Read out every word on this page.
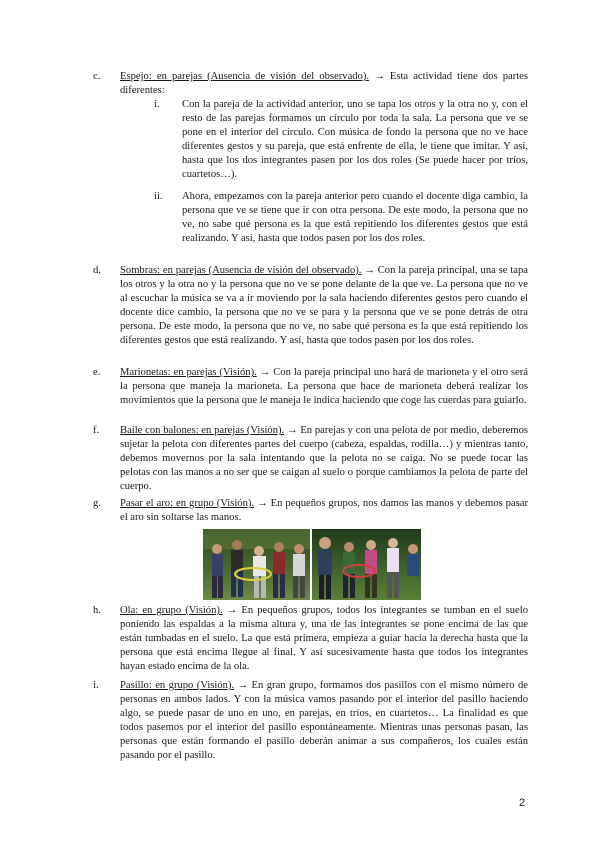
c. Espejo: en parejas (Ausencia de visión del observado). → Esta actividad tiene dos partes diferentes:
i. Con la pareja de la actividad anterior, uno se tapa los otros y la otra no y, con el resto de las parejas formamos un círculo por toda la sala. La persona que ve se pone en el interior del círculo. Con música de fondo la persona que no ve hace diferentes gestos y su pareja, que está enfrente de ella, le tiene que imitar. Y así, hasta que los dos integrantes pasen por los dos roles (Se puede hacer por tríos, cuartetos…).
ii. Ahora, empezamos con la pareja anterior pero cuando el docente diga cambio, la persona que ve se tiene que ir con otra persona. De este modo, la persona que no ve, no sabe qué persona es la que está repitiendo los diferentes gestos que está realizando. Y así, hasta que todos pasen por los dos roles.
d. Sombras: en parejas (Ausencia de visión del observado). → Con la pareja principal, una se tapa los otros y la otra no y la persona que no ve se pone delante de la que ve. La persona que no ve al escuchar la música se va a ir moviendo por la sala haciendo diferentes gestos pero cuando el docente dice cambio, la persona que no ve se para y la persona que ve se pone detrás de otra persona. De este modo, la persona que no ve, no sabe qué persona es la que está repitiendo los diferentes gestos que está realizando. Y así, hasta que todos pasen por los dos roles.
e. Marionetas: en parejas (Visión). → Con la pareja principal uno hará de marioneta y el otro será la persona que maneja la marioneta. La persona que hace de marioneta deberá realizar los movimientos que la persona que le maneja le indica haciendo que coge las cuerdas para guiarlo.
f. Baile con balones: en parejas (Visión). → En parejas y con una pelota de por medio, deberemos sujetar la pelota con diferentes partes del cuerpo (cabeza, espaldas, rodilla…) y mientras tanto, debemos movernos por la sala intentando que la pelota no se caiga. No se puede tocar las pelotas con las manos a no ser que se caigan al suelo o porque cambiamos la pelota de parte del cuerpo.
g. Pasar el aro: en grupo (Visión). → En pequeños grupos, nos damos las manos y debemos pasar el aro sin soltarse las manos.
h. Ola: en grupo (Visión). → En pequeños grupos, todos los integrantes se tumban en el suelo poniendo las espaldas a la misma altura y, una de las integrantes se pone encima de las que están tumbadas en el suelo. La que está primera, empieza a guiar hacia la derecha hasta que la persona que está encima llegue al final. Y así sucesivamente hasta que todos los integrantes hayan estado encima de la ola.
i. Pasillo: en grupo (Visión). → En gran grupo, formamos dos pasillos con el mismo número de personas en ambos lados. Y con la música vamos pasando por el interior del pasillo haciendo algo, se puede pasar de uno en uno, en parejas, en tríos, en cuartetos… La finalidad es que todos pasemos por el interior del pasillo espontáneamente. Mientras unas personas pasan, las personas que están formando el pasillo deberán animar a sus compañeros, los cuales están pasando por el pasillo.
2
